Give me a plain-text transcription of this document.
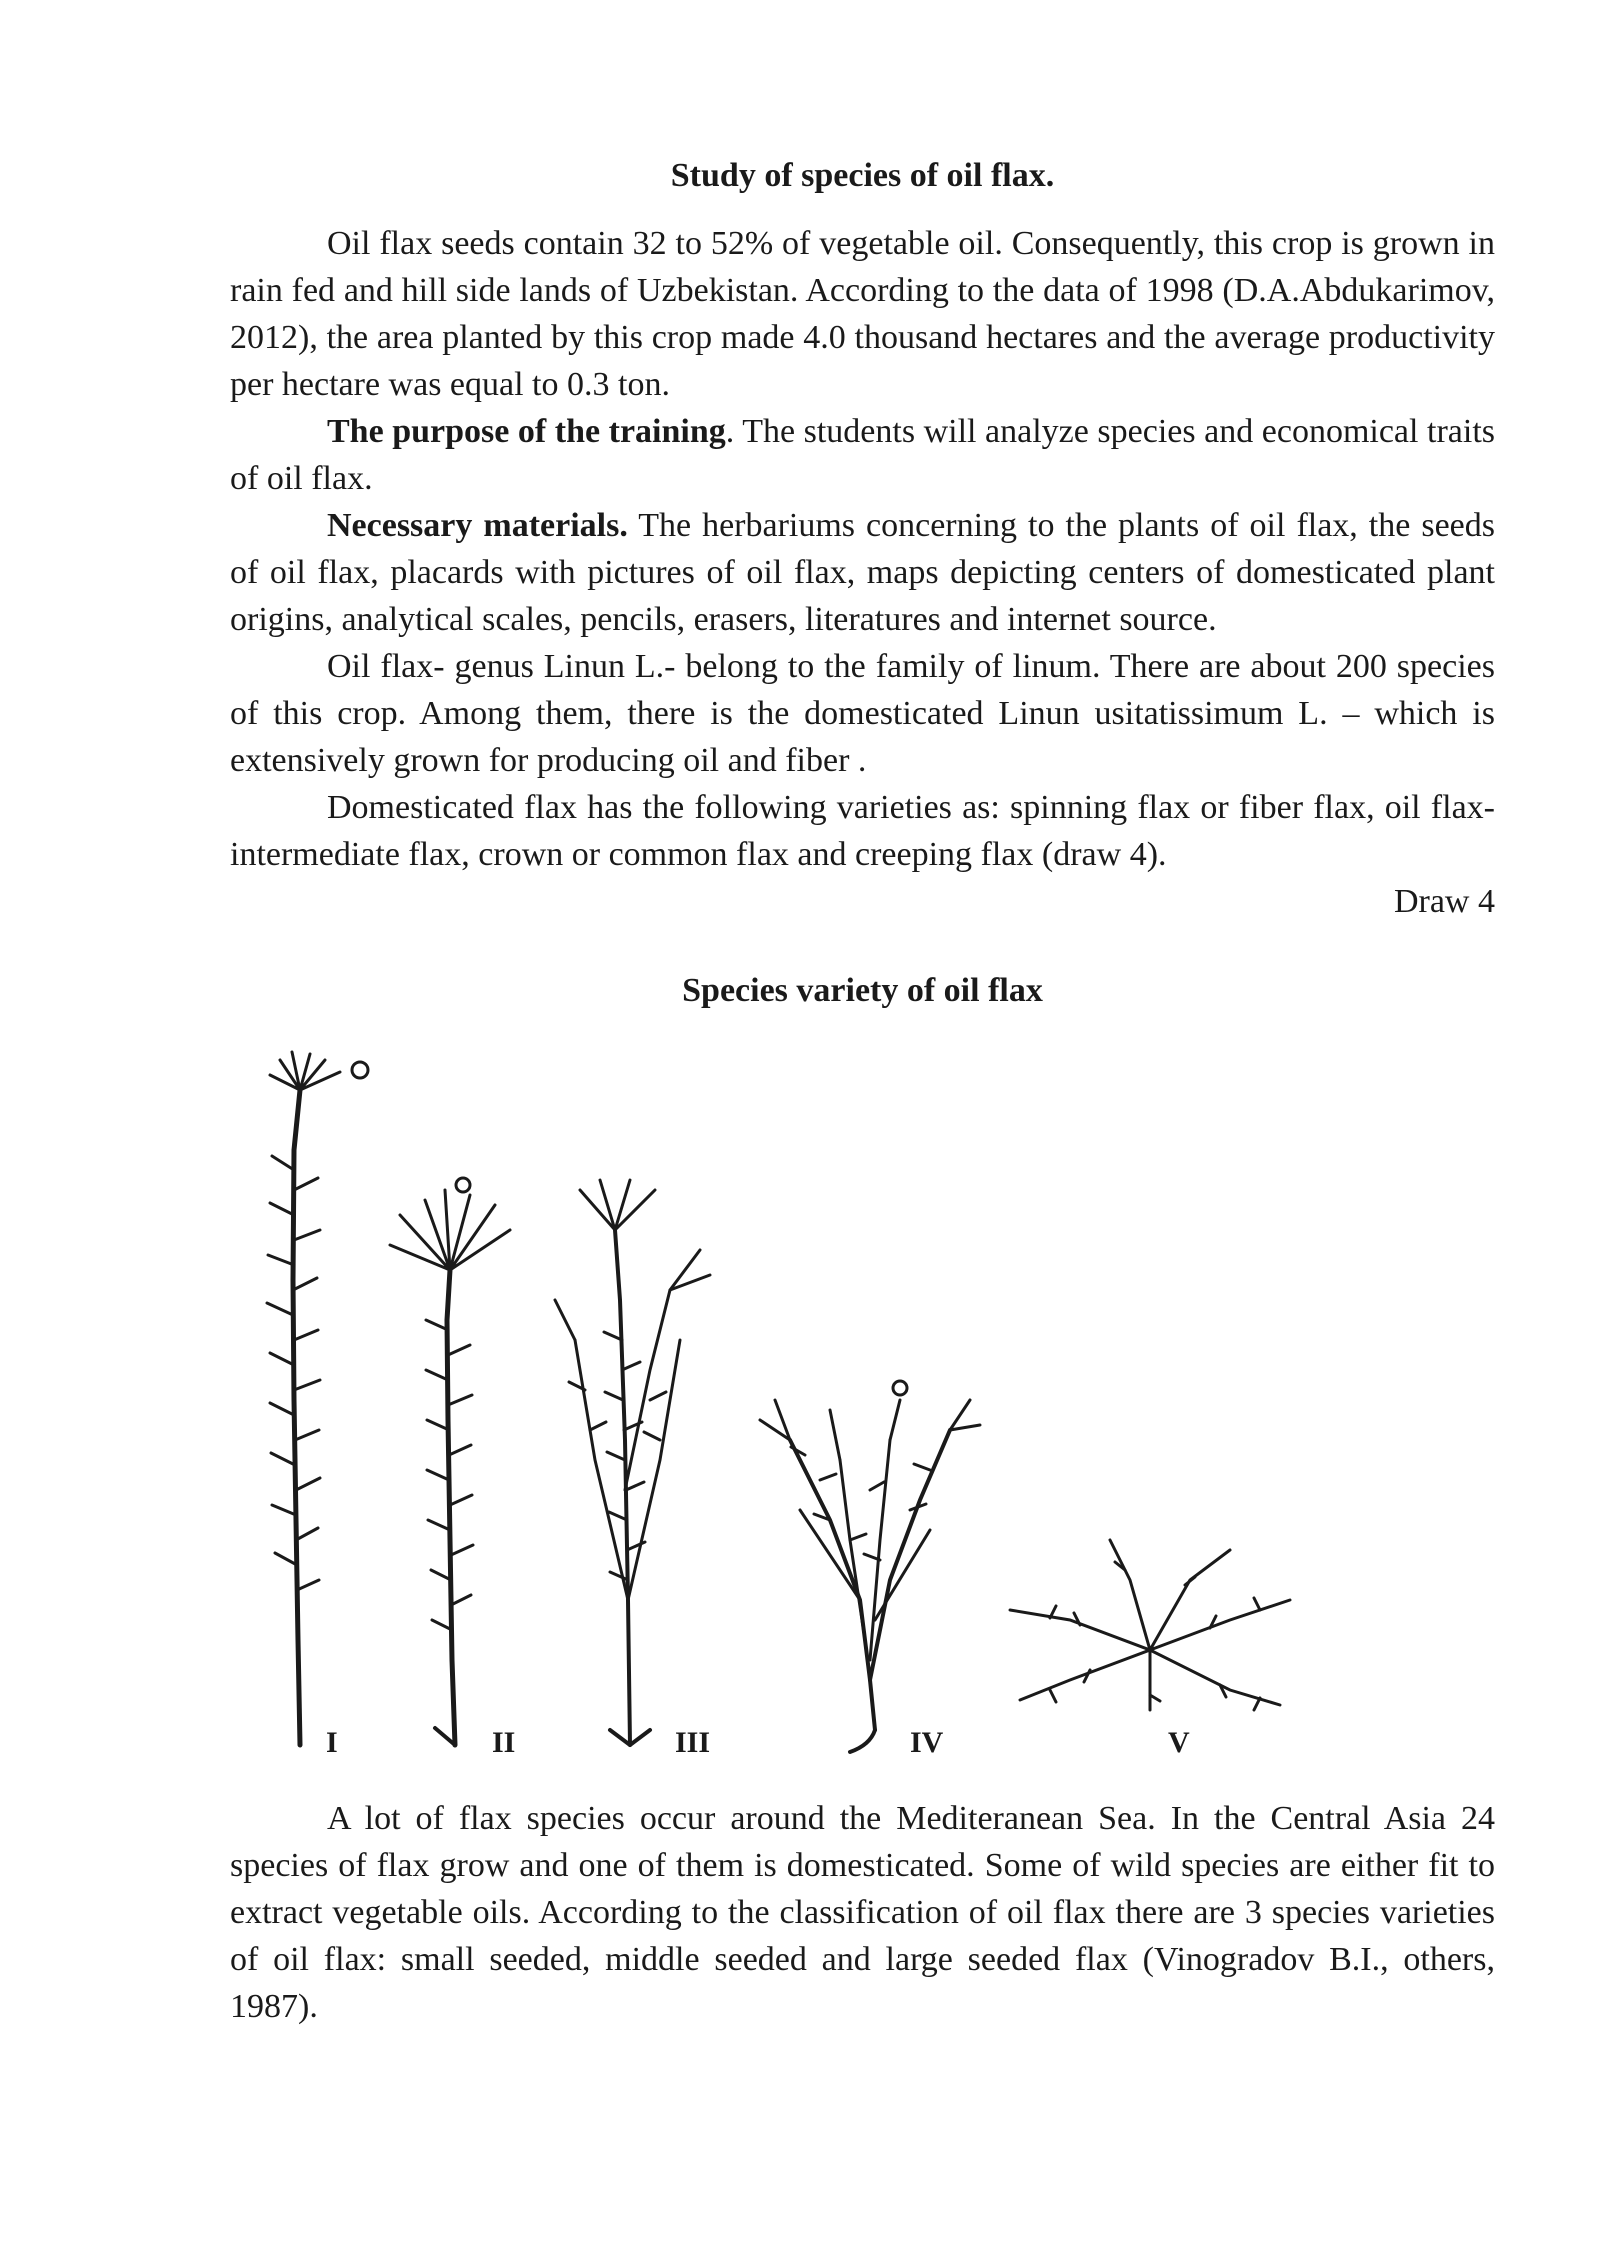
Study of species of oil flax.

Oil flax seeds contain 32 to 52% of vegetable oil. Consequently, this crop is grown in rain fed and hill side lands of Uzbekistan. According to the data of 1998 (D.A.Abdukarimov, 2012), the area planted by this crop made 4.0 thousand hectares and the average productivity per hectare was equal to 0.3 ton.

The purpose of the training. The students will analyze species and economical traits of oil flax.

Necessary materials. The herbariums concerning to the plants of oil flax, the seeds of oil flax, placards with pictures of oil flax, maps depicting centers of domesticated plant origins, analytical scales, pencils, erasers, literatures and internet source.

Oil flax- genus Linun L.- belong to the family of linum. There are about 200 species of this crop. Among them, there is the domesticated Linun usitatissimum L. – which is extensively grown for producing oil and fiber .

Domesticated flax has the following varieties as: spinning flax or fiber flax, oil flax-intermediate flax, crown or common flax and creeping flax (draw 4).

Draw 4

Species variety of oil flax
I	II	III	IV	V

A lot of flax species occur around the Mediteranean Sea. In the Central Asia 24 species of flax grow and one of them is domesticated. Some of wild species are either fit to extract vegetable oils. According to the classification of oil flax there are 3 species varieties of oil flax: small seeded, middle seeded and large seeded flax (Vinogradov B.I., others, 1987).
